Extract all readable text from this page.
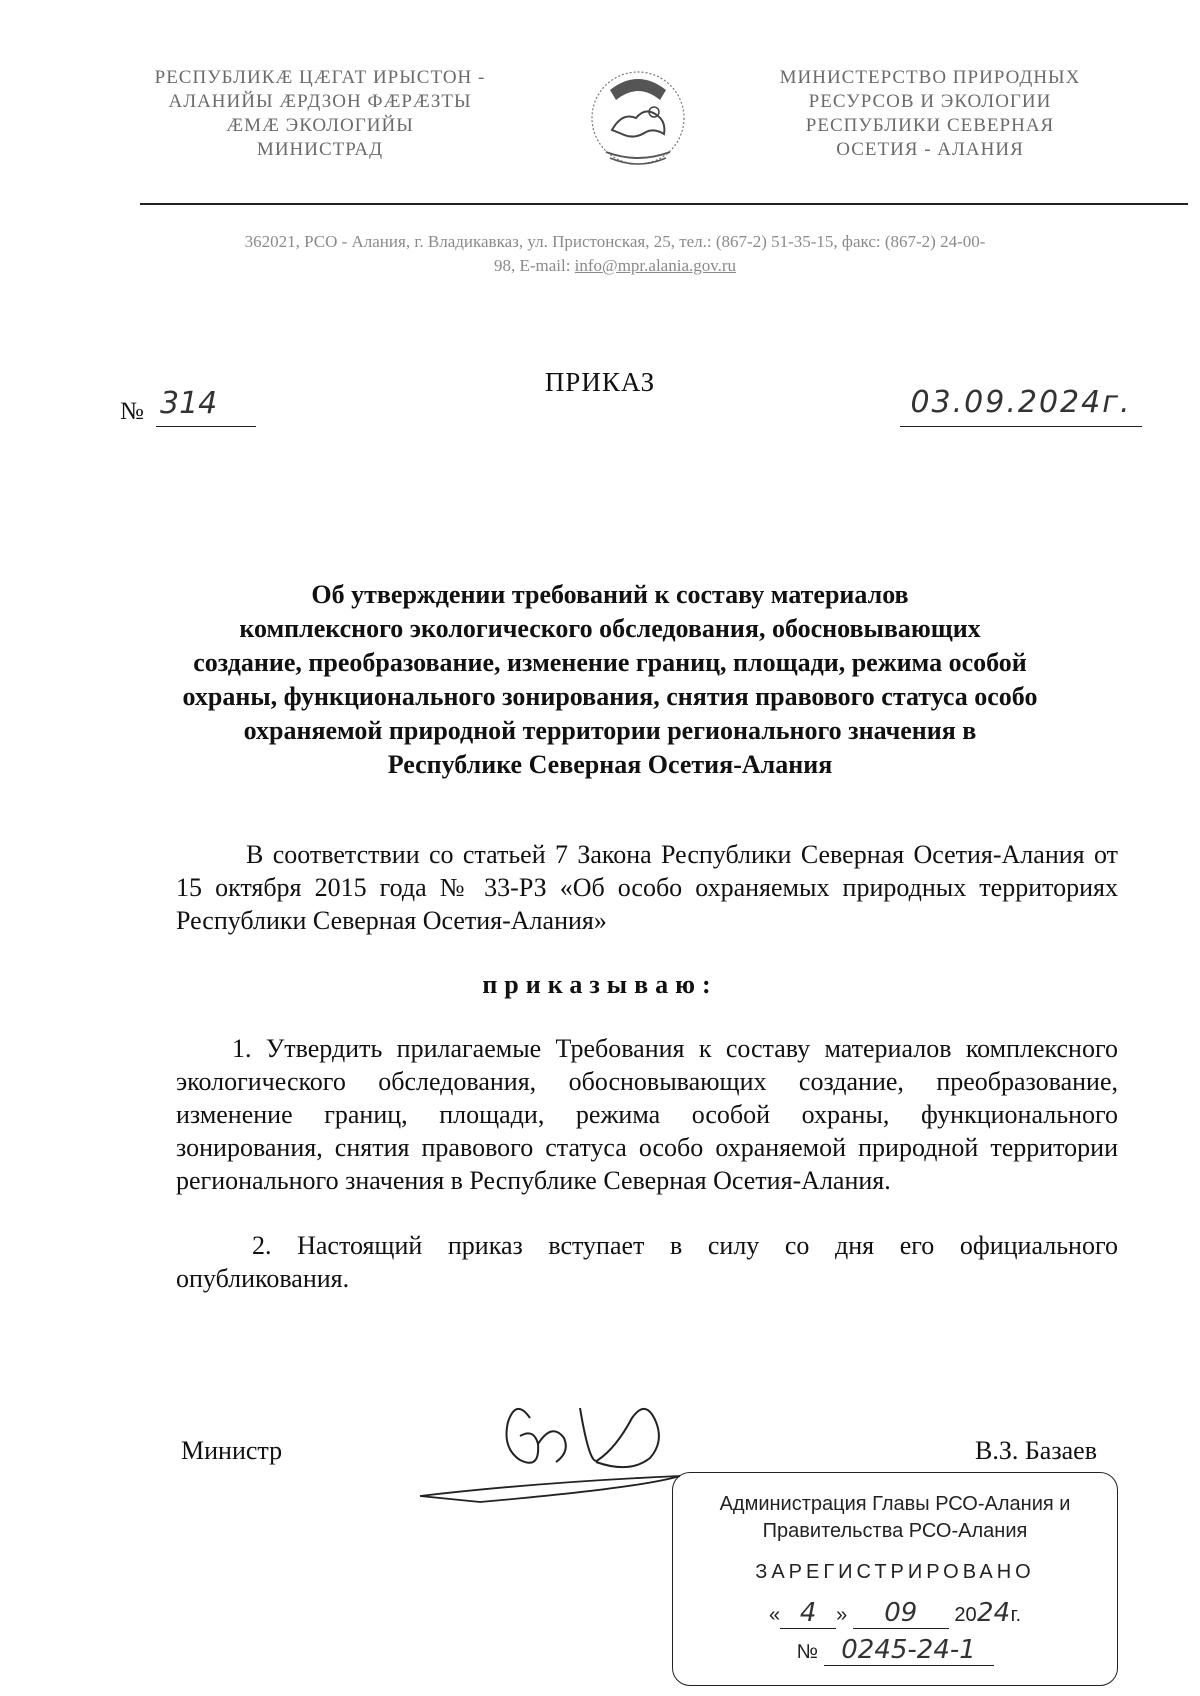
РЕСПУБЛИКӔ ЦӔГАТ ИРЫСТОН -
АЛАНИЙЫ ӔРДЗОН ФӔРӔЗТЫ
ӔМӔ ЭКОЛОГИЙЫ
МИНИСТРАД
МИНИСТЕРСТВО ПРИРОДНЫХ
РЕСУРСОВ И ЭКОЛОГИИ
РЕСПУБЛИКИ СЕВЕРНАЯ
ОСЕТИЯ - АЛАНИЯ
362021, РСО - Алания, г. Владикавказ, ул. Пристонская, 25, тел.: (867-2) 51-35-15, факс: (867-2) 24-00-
98, E-mail: info@mpr.alania.gov.ru
ПРИКАЗ
№ 314	03.09.2024г.
Об утверждении требований к составу материалов
комплексного экологического обследования, обосновывающих
создание, преобразование, изменение границ, площади, режима особой
охраны, функционального зонирования, снятия правового статуса особо
охраняемой природной территории регионального значения в
Республике Северная Осетия-Алания
В соответствии со статьей 7 Закона Республики Северная Осетия-Алания от 15 октября 2015 года № 33-РЗ «Об особо охраняемых природных территориях Республики Северная Осетия-Алания»
приказываю:
1. Утвердить прилагаемые Требования к составу материалов комплексного экологического обследования, обосновывающих создание, преобразование, изменение границ, площади, режима особой охраны, функционального зонирования, снятия правового статуса особо охраняемой природной территории регионального значения в Республике Северная Осетия-Алания.
2. Настоящий приказ вступает в силу со дня его официального опубликования.
Министр	В.З. Базаев
Администрация Главы РСО-Алания и
Правительства РСО-Алания
ЗАРЕГИСТРИРОВАНО
« 4 » 09 2024г.
№ 0245-24-1
